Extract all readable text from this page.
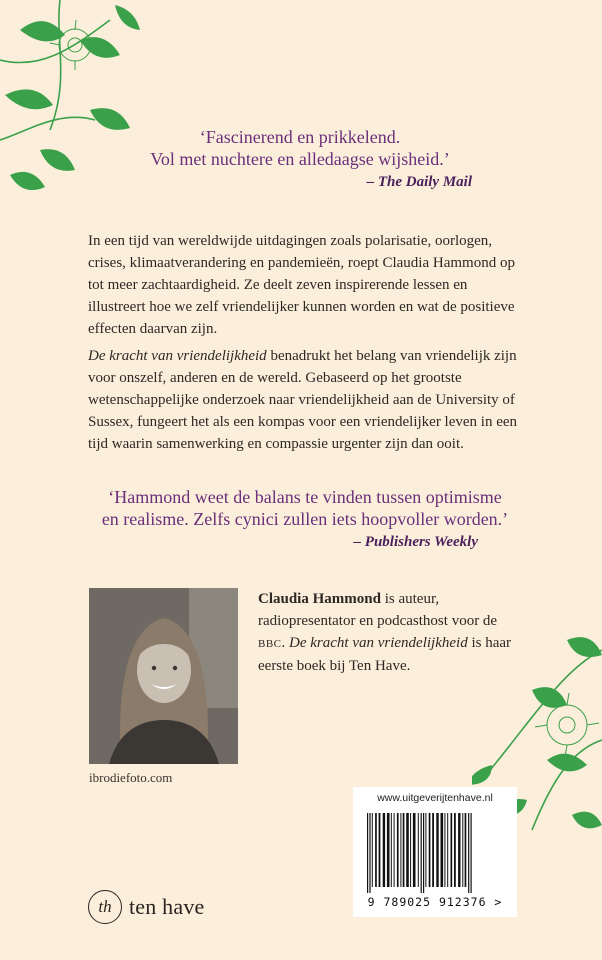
‘Fascinerend en prikkelend.
Vol met nuchtere en alledaagse wijsheid.’
– The Daily Mail
In een tijd van wereldwijde uitdagingen zoals polarisatie, oorlogen, crises, klimaatverandering en pandemieën, roept Claudia Hammond op tot meer zachtaardigheid. Ze deelt zeven inspirerende lessen en illustreert hoe we zelf vriendelijker kunnen worden en wat de positieve effecten daarvan zijn.
De kracht van vriendelijkheid benadrukt het belang van vriendelijk zijn voor onszelf, anderen en de wereld. Gebaseerd op het grootste wetenschappelijke onderzoek naar vriendelijkheid aan de University of Sussex, fungeert het als een kompas voor een vriendelijker leven in een tijd waarin samenwerking en compassie urgenter zijn dan ooit.
‘Hammond weet de balans te vinden tussen optimisme
en realisme. Zelfs cynici zullen iets hoopvoller worden.’
– Publishers Weekly
ibrodiefoto.com
Claudia Hammond is auteur, radiopresentator en podcasthost voor de BBC. De kracht van vriendelijkheid is haar eerste boek bij Ten Have.
www.uitgeverijtenhave.nl
9 789025 912376 >
th ten have
